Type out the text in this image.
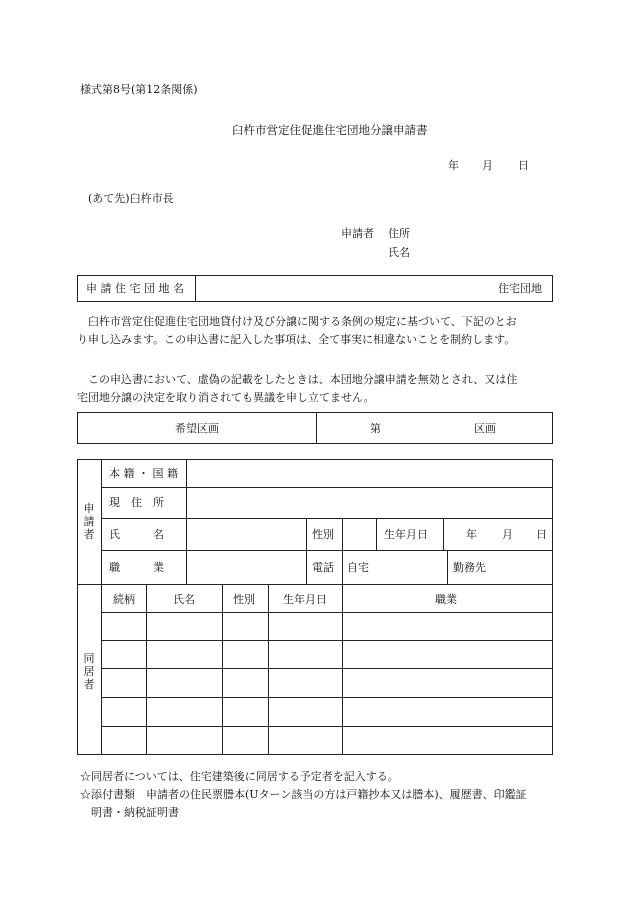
様式第8号(第12条関係)
臼杵市営定住促進住宅団地分譲申請書
年 月 日
(あて先)臼杵市長
申請者 住所
氏名
申 請 住 宅 団 地 名	住宅団地
臼杵市営定住促進住宅団地貸付け及び分譲に関する条例の規定に基づいて、下記のとお
り申し込みます。この申込書に記入した事項は、全て事実に相違ないことを制約します。
この申込書において、虚偽の記載をしたときは、本団地分譲申請を無効とされ、又は住
宅団地分譲の決定を取り消されても異議を申し立てません。
希望区画	第	区画
申請者
本 籍 ・ 国 籍
現　住　所
氏　　　名	性別	生年月日	年 月 日
職　　　業	電話 自宅	勤務先
同居者
続柄	氏名	性別	生年月日	職業
☆同居者については、住宅建築後に同居する予定者を記入する。
☆添付書類　申請者の住民票謄本(Uターン該当の方は戸籍抄本又は謄本)、履歴書、印鑑証
明書・納税証明書
